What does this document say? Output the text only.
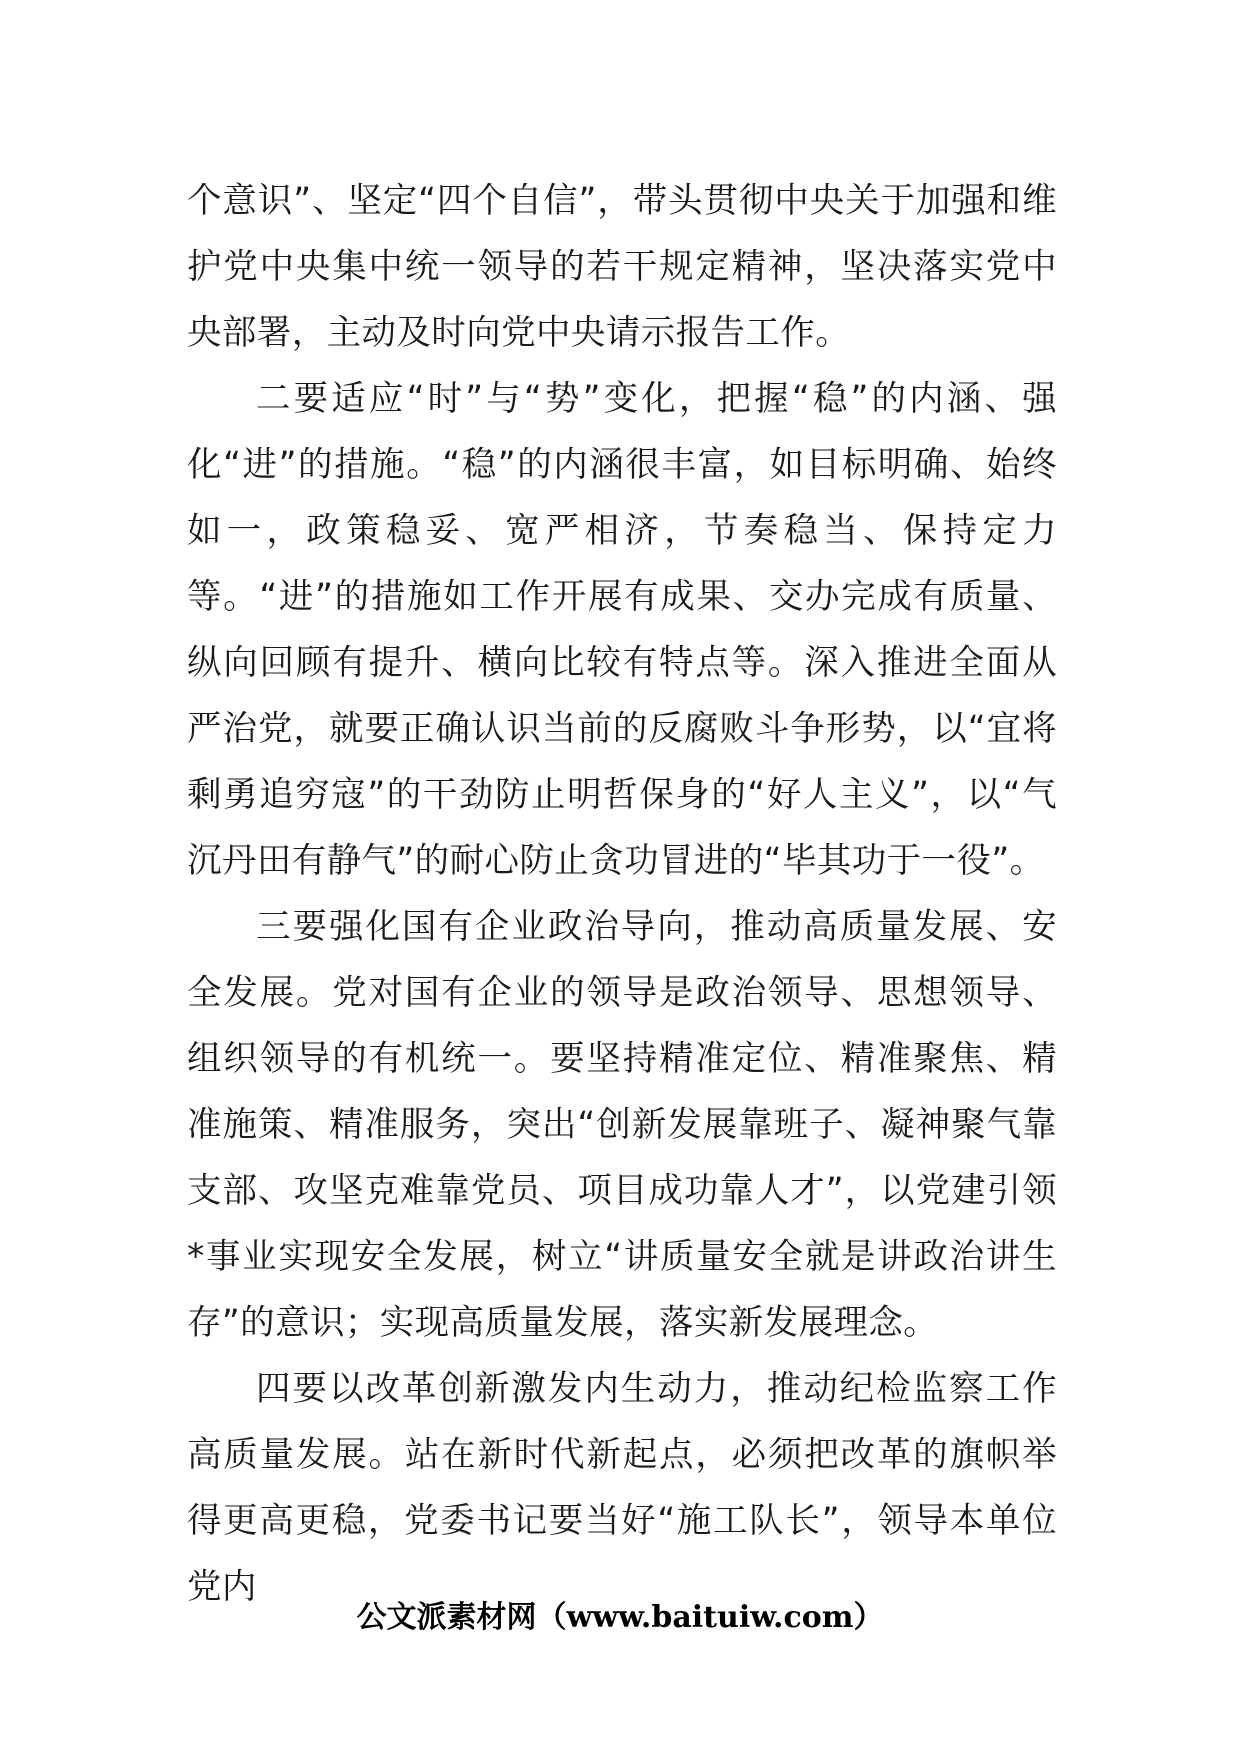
个意识”、坚定“四个自信”，带头贯彻中央关于加强和维护党中央集中统一领导的若干规定精神，坚决落实党中央部署，主动及时向党中央请示报告工作。

二要适应“时”与“势”变化，把握“稳”的内涵、强化“进”的措施。“稳”的内涵很丰富，如目标明确、始终如一，政策稳妥、宽严相济，节奏稳当、保持定力等。“进”的措施如工作开展有成果、交办完成有质量、纵向回顾有提升、横向比较有特点等。深入推进全面从严治党，就要正确认识当前的反腐败斗争形势，以“宜将剩勇追穷寇”的干劲防止明哲保身的“好人主义”，以“气沉丹田有静气”的耐心防止贪功冒进的“毕其功于一役”。

三要强化国有企业政治导向，推动高质量发展、安全发展。党对国有企业的领导是政治领导、思想领导、组织领导的有机统一。要坚持精准定位、精准聚焦、精准施策、精准服务，突出“创新发展靠班子、凝神聚气靠支部、攻坚克难靠党员、项目成功靠人才”，以党建引领*事业实现安全发展，树立“讲质量安全就是讲政治讲生存”的意识；实现高质量发展，落实新发展理念。

四要以改革创新激发内生动力，推动纪检监察工作高质量发展。站在新时代新起点，必须把改革的旗帜举得更高更稳，党委书记要当好“施工队长”，领导本单位党内

公文派素材网（www.baituiw.com）
